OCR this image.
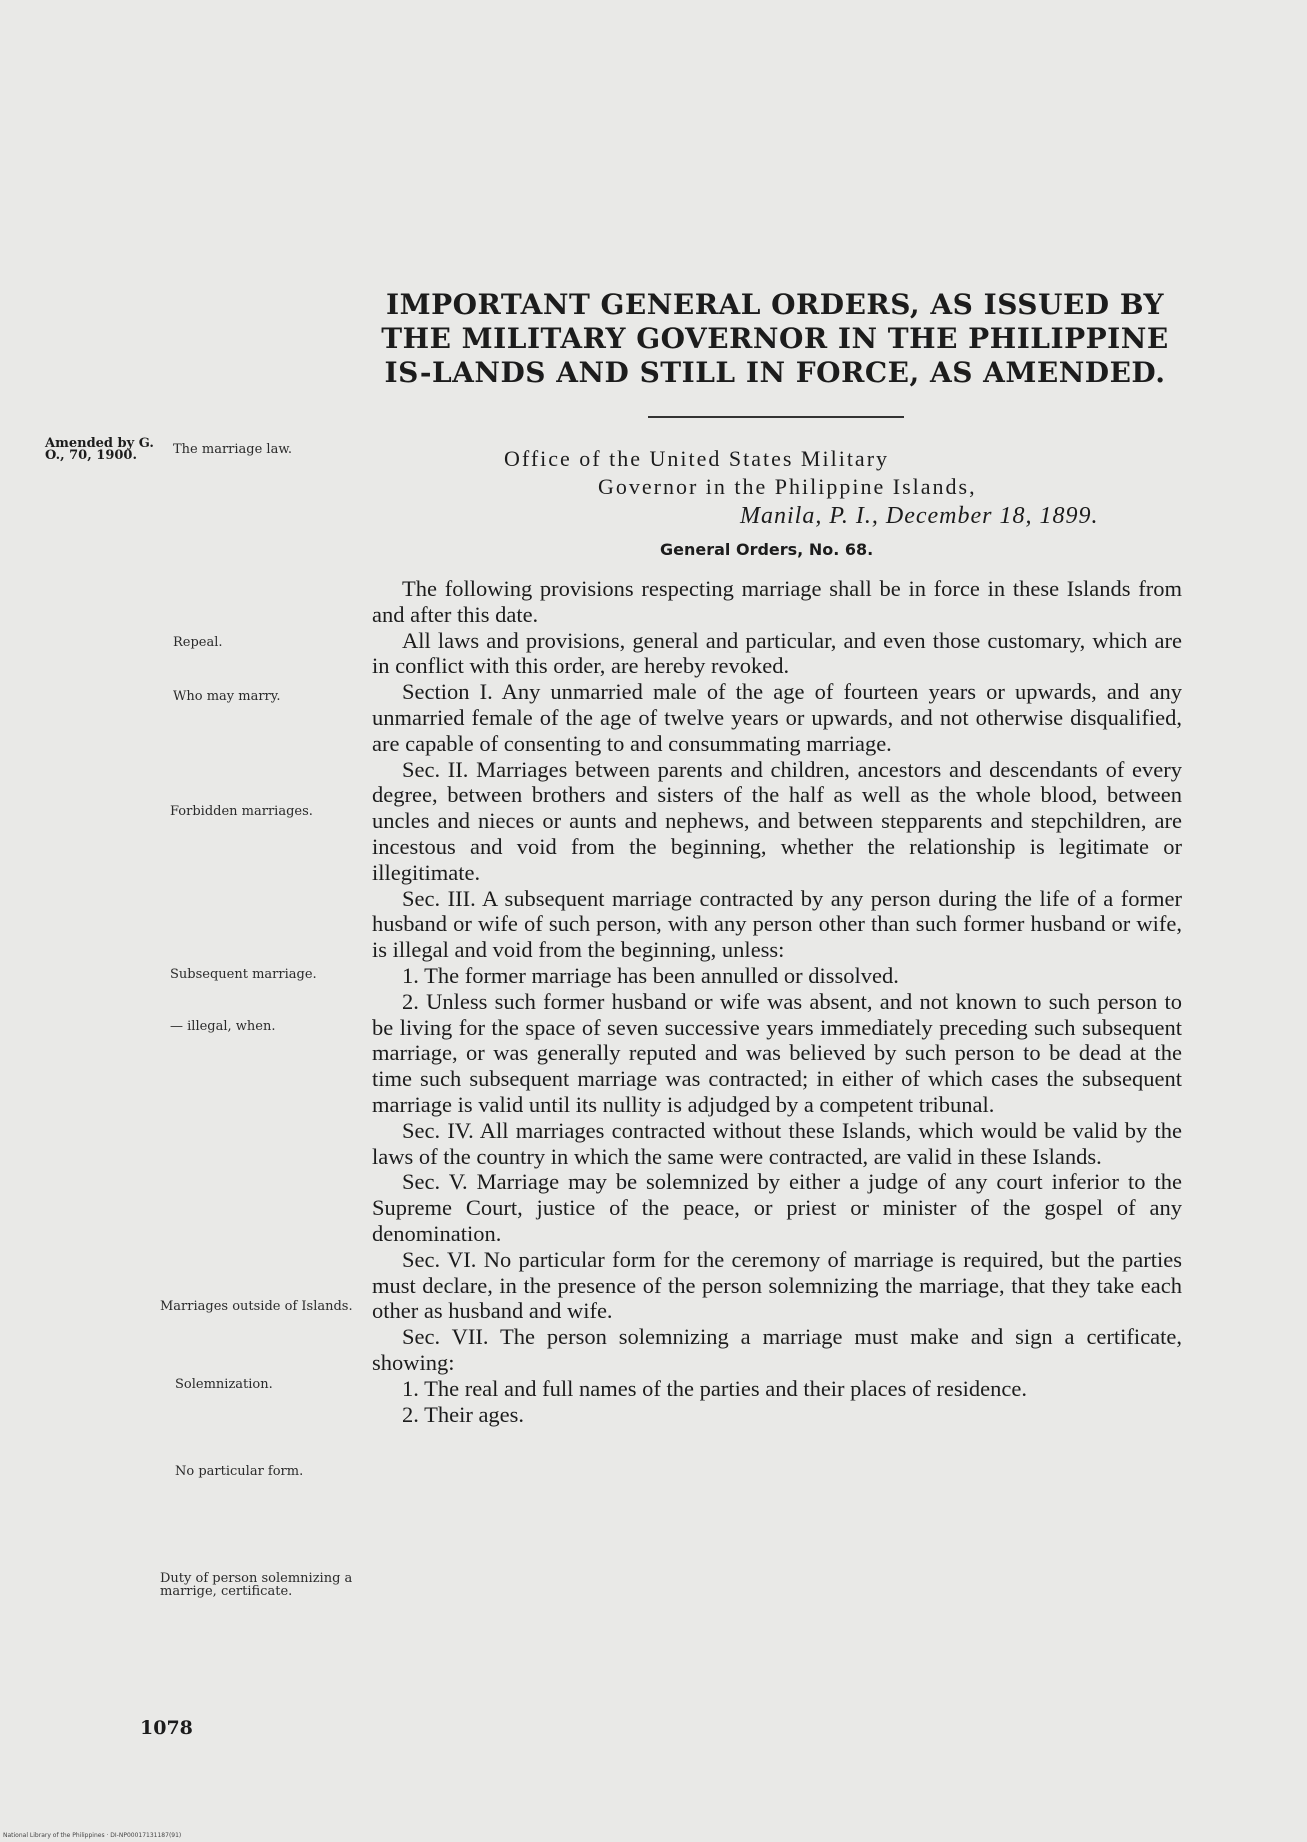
IMPORTANT GENERAL ORDERS, AS ISSUED BY THE MILITARY GOVERNOR IN THE PHILIPPINE IS-LANDS AND STILL IN FORCE, AS AMENDED.
Amended by G. O., 70, 1900.	Office of the United States Military
Governor in the Philippine Islands,
Manila, P. I., December 18, 1899.
General Orders, No. 68.
The marriage law.
Repeal.
Who may marry.
Forbidden marriages.
Subsequent marriage.
— illegal, when.
Marriages outside of Islands.
Solemnization.
No particular form.
Duty of person solemnizing a marrige, certificate.

The following provisions respecting marriage shall be in force in these Islands from and after this date.

All laws and provisions, general and particular, and even those customary, which are in conflict with this order, are hereby revoked.

Section I. Any unmarried male of the age of fourteen years or upwards, and any unmarried female of the age of twelve years or upwards, and not otherwise disqualified, are capable of consenting to and consummating marriage.

Sec. II. Marriages between parents and children, ancestors and descendants of every degree, between brothers and sisters of the half as well as the whole blood, between uncles and nieces or aunts and nephews, and between stepparents and stepchildren, are incestous and void from the beginning, whether the relationship is legitimate or illegitimate.

Sec. III. A subsequent marriage contracted by any person during the life of a former husband or wife of such person, with any person other than such former husband or wife, is illegal and void from the beginning, unless:

1. The former marriage has been annulled or dissolved.

2. Unless such former husband or wife was absent, and not known to such person to be living for the space of seven successive years immediately preceding such subsequent marriage, or was generally reputed and was believed by such person to be dead at the time such subsequent marriage was contracted; in either of which cases the subsequent marriage is valid until its nullity is adjudged by a competent tribunal.

Sec. IV. All marriages contracted without these Islands, which would be valid by the laws of the country in which the same were contracted, are valid in these Islands.

Sec. V. Marriage may be solemnized by either a judge of any court inferior to the Supreme Court, justice of the peace, or priest or minister of the gospel of any denomination.

Sec. VI. No particular form for the ceremony of marriage is required, but the parties must declare, in the presence of the person solemnizing the marriage, that they take each other as husband and wife.

Sec. VII. The person solemnizing a marriage must make and sign a certificate, showing:

1. The real and full names of the parties and their places of residence.

2. Their ages.

1078
National Library of the Philippines · DI-NP00017131187(91)
